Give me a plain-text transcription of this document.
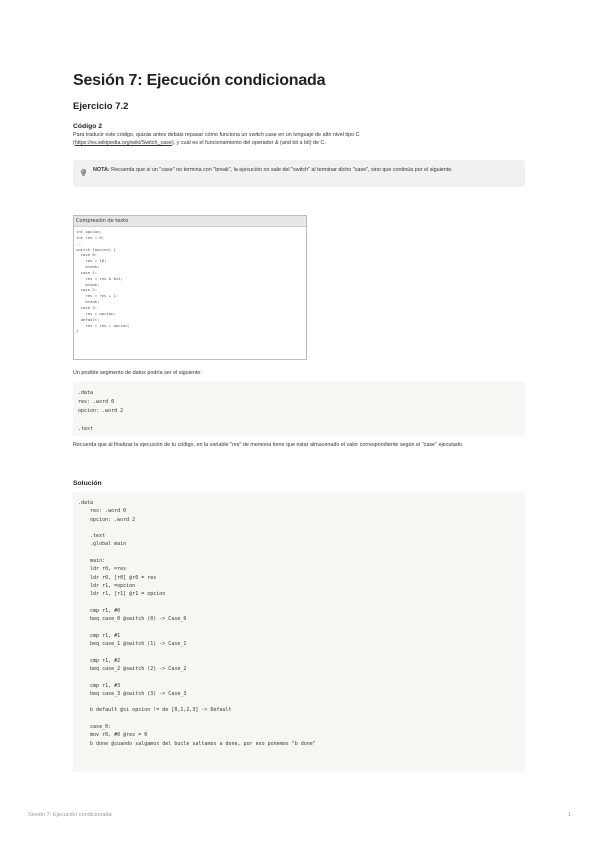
Sesión 7: Ejecución condicionada
Ejercicio 7.2

Código 2

Para traducir este código, quizás antes debáis repasar cómo funciona un switch case en un lenguaje de alto nivel tipo C
(https://es.wikipedia.org/wiki/Switch_case), y cuál es el funcionamiento del operador & (and bit a bit) de C.

NOTA: Recuerda que si un "case" no termina con "break", la ejecución no sale del "switch" al terminar dicho "case", sino que continúa por el siguiente.
Compresión de texto
int opcion;
int res = 0;
...
switch (opcion) {
case 0:
res = 10;
break;
case 1:
res = res & 0x1;
break;
case 2:
res = res + 1;
break;
case 3:
res = opcion;
default:
res = res + opcion;
}

Un posible segmento de datos podría ser el siguiente:

.data
res: .word 0
opcion: .word 2

.text

Recuerda que al finalizar la ejecución de tu código, en la variable "res" de memoria tiene que estar almacenado el valor correspondiente según el "case" ejecutado.

Solución

.data
res: .word 0
opcion: .word 2

.text
.global main

main:
ldr r0, =res
ldr r0, [r0] @r0 = res
ldr r1, =opcion
ldr r1, [r1] @r1 = opcion

cmp r1, #0
beq case_0 @switch (0) -> Case_0

cmp r1, #1
beq case_1 @switch (1) -> Case_1

cmp r1, #2
beq case_2 @switch (2) -> Case_2

cmp r1, #3
beq case_3 @switch (3) -> Case_3

b default @si opcion != de [0,1,2,3] -> Default

case_0:
mov r0, #0 @res = 0
b done @cuando salgamos del bucle saltamos a done, por eso ponemos "b done"
Sesión 7: Ejecución condicionada	1
